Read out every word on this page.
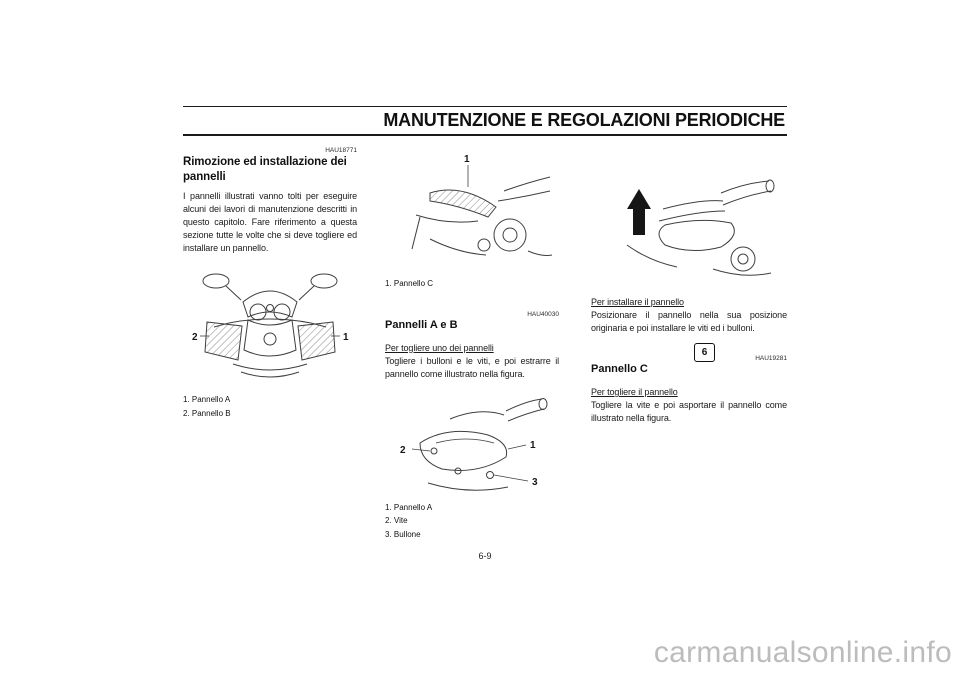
MANUTENZIONE E REGOLAZIONI PERIODICHE
HAU18771
Rimozione ed installazione dei pannelli
I pannelli illustrati vanno tolti per eseguire alcuni dei lavori di manutenzione descritti in questo capitolo. Fare riferimento a questa sezione tutte le volte che si deve togliere ed installare un pannello.
2	1
1. Pannello A
2. Pannello B
1
1. Pannello C
HAU40030
Pannelli A e B
Per togliere uno dei pannelli
Togliere i bulloni e le viti, e poi estrarre il pannello come illustrato nella figura.
2	1
3
1. Pannello A
2. Vite
3. Bullone
Per installare il pannello
Posizionare il pannello nella sua posizione originaria e poi installare le viti ed i bulloni.
HAU19281
Pannello C
Per togliere il pannello
Togliere la vite e poi asportare il pannello come illustrato nella figura.
6
6-9
carmanualsonline.info
